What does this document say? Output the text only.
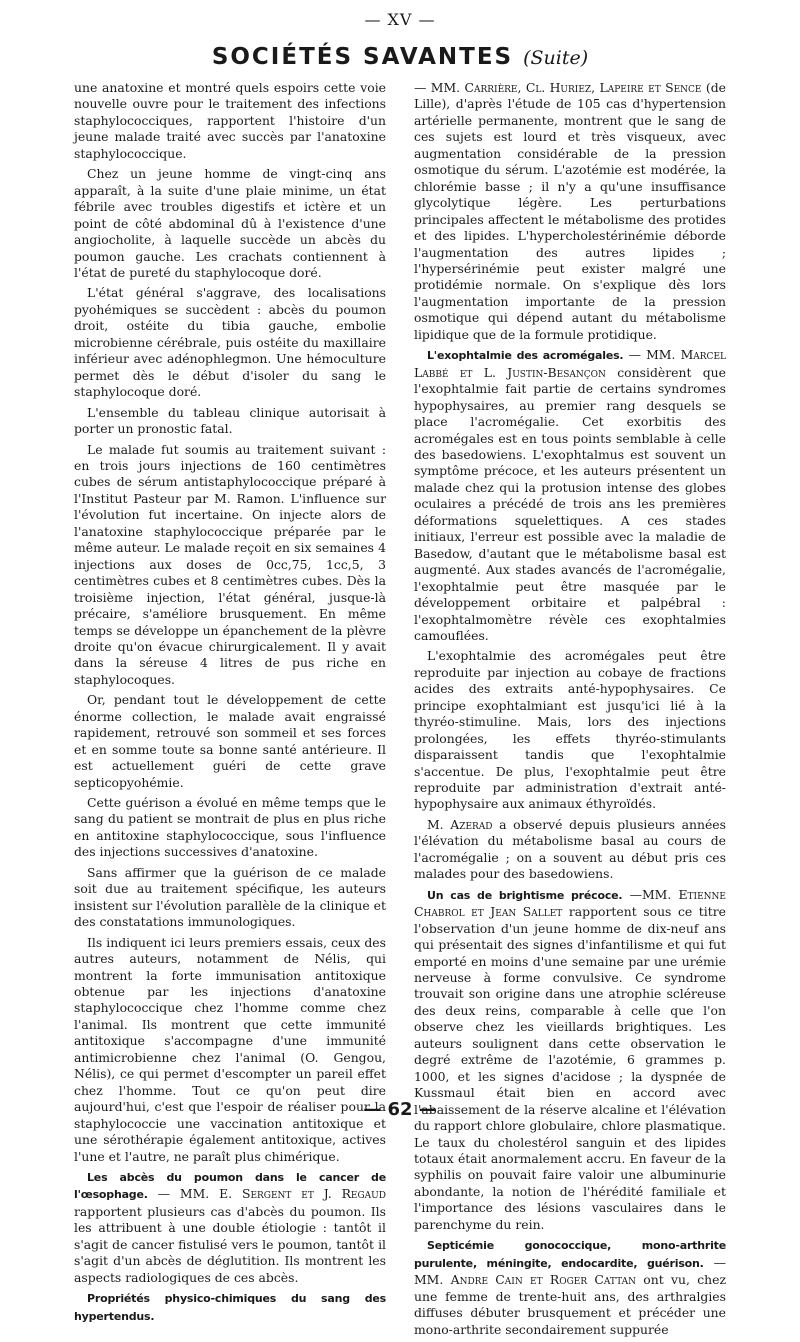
— XV —
SOCIÉTÉS SAVANTES (Suite)

une anatoxine et montré quels espoirs cette voie nouvelle ouvre pour le traitement des infections staphylococciques, rapportent l'histoire d'un jeune malade traité avec succès par l'anatoxine staphylococcique.

Chez un jeune homme de vingt-cinq ans apparaît, à la suite d'une plaie minime, un état fébrile avec troubles digestifs et ictère et un point de côté abdominal dû à l'existence d'une angiocholite, à laquelle succède un abcès du poumon gauche. Les crachats contiennent à l'état de pureté du staphylocoque doré.

L'état général s'aggrave, des localisations pyohémiques se succèdent : abcès du poumon droit, ostéite du tibia gauche, embolie microbienne cérébrale, puis ostéite du maxillaire inférieur avec adénophlegmon. Une hémoculture permet dès le début d'isoler du sang le staphylocoque doré.

L'ensemble du tableau clinique autorisait à porter un pronostic fatal.

Le malade fut soumis au traitement suivant : en trois jours injections de 160 centimètres cubes de sérum antistaphylococcique préparé à l'Institut Pasteur par M. Ramon. L'influence sur l'évolution fut incertaine. On injecte alors de l'anatoxine staphylococcique préparée par le même auteur. Le malade reçoit en six semaines 4 injections aux doses de 0cc,75, 1cc,5, 3 centimètres cubes et 8 centimètres cubes. Dès la troisième injection, l'état général, jusque-là précaire, s'améliore brusquement. En même temps se développe un épanchement de la plèvre droite qu'on évacue chirurgicalement. Il y avait dans la séreuse 4 litres de pus riche en staphylocoques.

Or, pendant tout le développement de cette énorme collection, le malade avait engraissé rapidement, retrouvé son sommeil et ses forces et en somme toute sa bonne santé antérieure. Il est actuellement guéri de cette grave septicopyohémie.

Cette guérison a évolué en même temps que le sang du patient se montrait de plus en plus riche en antitoxine staphylococcique, sous l'influence des injections successives d'anatoxine.

Sans affirmer que la guérison de ce malade soit due au traitement spécifique, les auteurs insistent sur l'évolution parallèle de la clinique et des constatations immunologiques.

Ils indiquent ici leurs premiers essais, ceux des autres auteurs, notamment de Nélis, qui montrent la forte immunisation antitoxique obtenue par les injections d'anatoxine staphylococcique chez l'homme comme chez l'animal. Ils montrent que cette immunité antitoxique s'accompagne d'une immunité antimicrobienne chez l'animal (O. Gengou, Nélis), ce qui permet d'escompter un pareil effet chez l'homme. Tout ce qu'on peut dire aujourd'hui, c'est que l'espoir de réaliser pour la staphylococcie une vaccination antitoxique et une sérothérapie également antitoxique, actives l'une et l'autre, ne paraît plus chimérique.

Les abcès du poumon dans le cancer de l'œsophage. — MM. E. Sergent et J. Regaud rapportent plusieurs cas d'abcès du poumon. Ils les attribuent à une double étiologie : tantôt il s'agit de cancer fistulisé vers le poumon, tantôt il s'agit d'un abcès de déglutition. Ils montrent les aspects radiologiques de ces abcès.

Propriétés physico-chimiques du sang des hypertendus.

— MM. Carrière, Cl. Huriez, Lapeire et Sence (de Lille), d'après l'étude de 105 cas d'hypertension artérielle permanente, montrent que le sang de ces sujets est lourd et très visqueux, avec augmentation considérable de la pression osmotique du sérum. L'azotémie est modérée, la chlorémie basse ; il n'y a qu'une insuffisance glycolytique légère. Les perturbations principales affectent le métabolisme des protides et des lipides. L'hypercholestérinémie déborde l'augmentation des autres lipides ; l'hypersérinémie peut exister malgré une protidémie normale. On s'explique dès lors l'augmentation importante de la pression osmotique qui dépend autant du métabolisme lipidique que de la formule protidique.

L'exophtalmie des acromégales. — MM. Marcel Labbé et L. Justin-Besançon considèrent que l'exophtalmie fait partie de certains syndromes hypophysaires, au premier rang desquels se place l'acromégalie. Cet exorbitis des acromégales est en tous points semblable à celle des basedowiens. L'exophtalmus est souvent un symptôme précoce, et les auteurs présentent un malade chez qui la protusion intense des globes oculaires a précédé de trois ans les premières déformations squelettiques. A ces stades initiaux, l'erreur est possible avec la maladie de Basedow, d'autant que le métabolisme basal est augmenté. Aux stades avancés de l'acromégalie, l'exophtalmie peut être masquée par le développement orbitaire et palpébral : l'exophtalmomètre révèle ces exophtalmies camouflées.

L'exophtalmie des acromégales peut être reproduite par injection au cobaye de fractions acides des extraits anté-hypophysaires. Ce principe exophtalmiant est jusqu'ici lié à la thyréo-stimuline. Mais, lors des injections prolongées, les effets thyréo-stimulants disparaissent tandis que l'exophtalmie s'accentue. De plus, l'exophtalmie peut être reproduite par administration d'extrait anté-hypophysaire aux animaux éthyroïdés.

M. Azerad a observé depuis plusieurs années l'élévation du métabolisme basal au cours de l'acromégalie ; on a souvent au début pris ces malades pour des basedowiens.

Un cas de brightisme précoce. —MM. Etienne Chabrol et Jean Sallet rapportent sous ce titre l'observation d'un jeune homme de dix-neuf ans qui présentait des signes d'infantilisme et qui fut emporté en moins d'une semaine par une urémie nerveuse à forme convulsive. Ce syndrome trouvait son origine dans une atrophie scléreuse des deux reins, comparable à celle que l'on observe chez les vieillards brightiques. Les auteurs soulignent dans cette observation le degré extrême de l'azotémie, 6 grammes p. 1000, et les signes d'acidose ; la dyspnée de Kussmaul était bien en accord avec l'abaissement de la réserve alcaline et l'élévation du rapport chlore globulaire, chlore plasmatique. Le taux du cholestérol sanguin et des lipides totaux était anormalement accru. En faveur de la syphilis on pouvait faire valoir une albuminurie abondante, la notion de l'hérédité familiale et l'importance des lésions vasculaires dans le parenchyme du rein.

Septicémie gonococcique, mono-arthrite purulente, méningite, endocardite, guérison. — MM. Andre Cain et Roger Cattan ont vu, chez une femme de trente-huit ans, des arthralgies diffuses débuter brusquement et précéder une mono-arthrite secondairement suppurée

— 62 —
